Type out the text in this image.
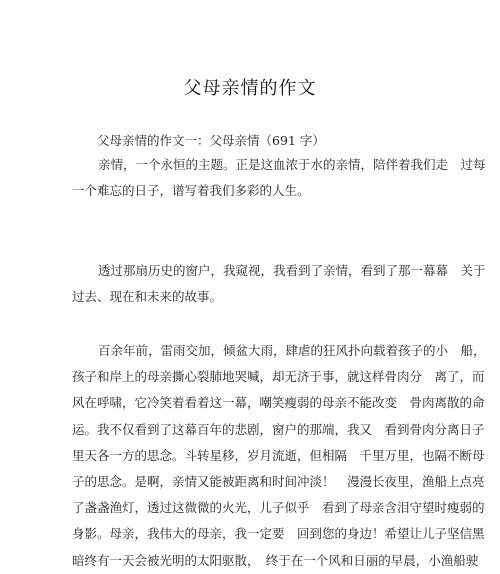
父母亲情的作文
父母亲情的作文一：父母亲情（691 字）
亲情，一个永恒的主题。正是这血浓于水的亲情，陪伴着我们走　过每
一个难忘的日子，谱写着我们多彩的人生。
透过那扇历史的窗户，我窥视，我看到了亲情，看到了那一幕幕　关于
过去、现在和未来的故事。
百余年前，雷雨交加，倾盆大雨，肆虐的狂风扑向载着孩子的小　船，
孩子和岸上的母亲撕心裂肺地哭喊，却无济于事，就这样骨肉分　离了，而
风在呼啸，它冷笑着看着这一幕，嘲笑瘦弱的母亲不能改变　骨肉离散的命
运。我不仅看到了这幕百年的悲剧，窗户的那端，我又　看到骨肉分离日子
里天各一方的思念。斗转星移，岁月流逝，但相隔　千里万里，也隔不断母
子的思念。是啊，亲情又能被距离和时间冲淡！　漫漫长夜里，渔船上点亮
了盏盏渔灯，透过这微微的火光，儿子似乎　看到了母亲含泪守望时瘦弱的
身影。母亲，我伟大的母亲，我一定要　回到您的身边！希望让儿子坚信黑
暗终有一天会被光明的太阳驱散，　终于在一个风和日丽的早晨，小渔船驶
